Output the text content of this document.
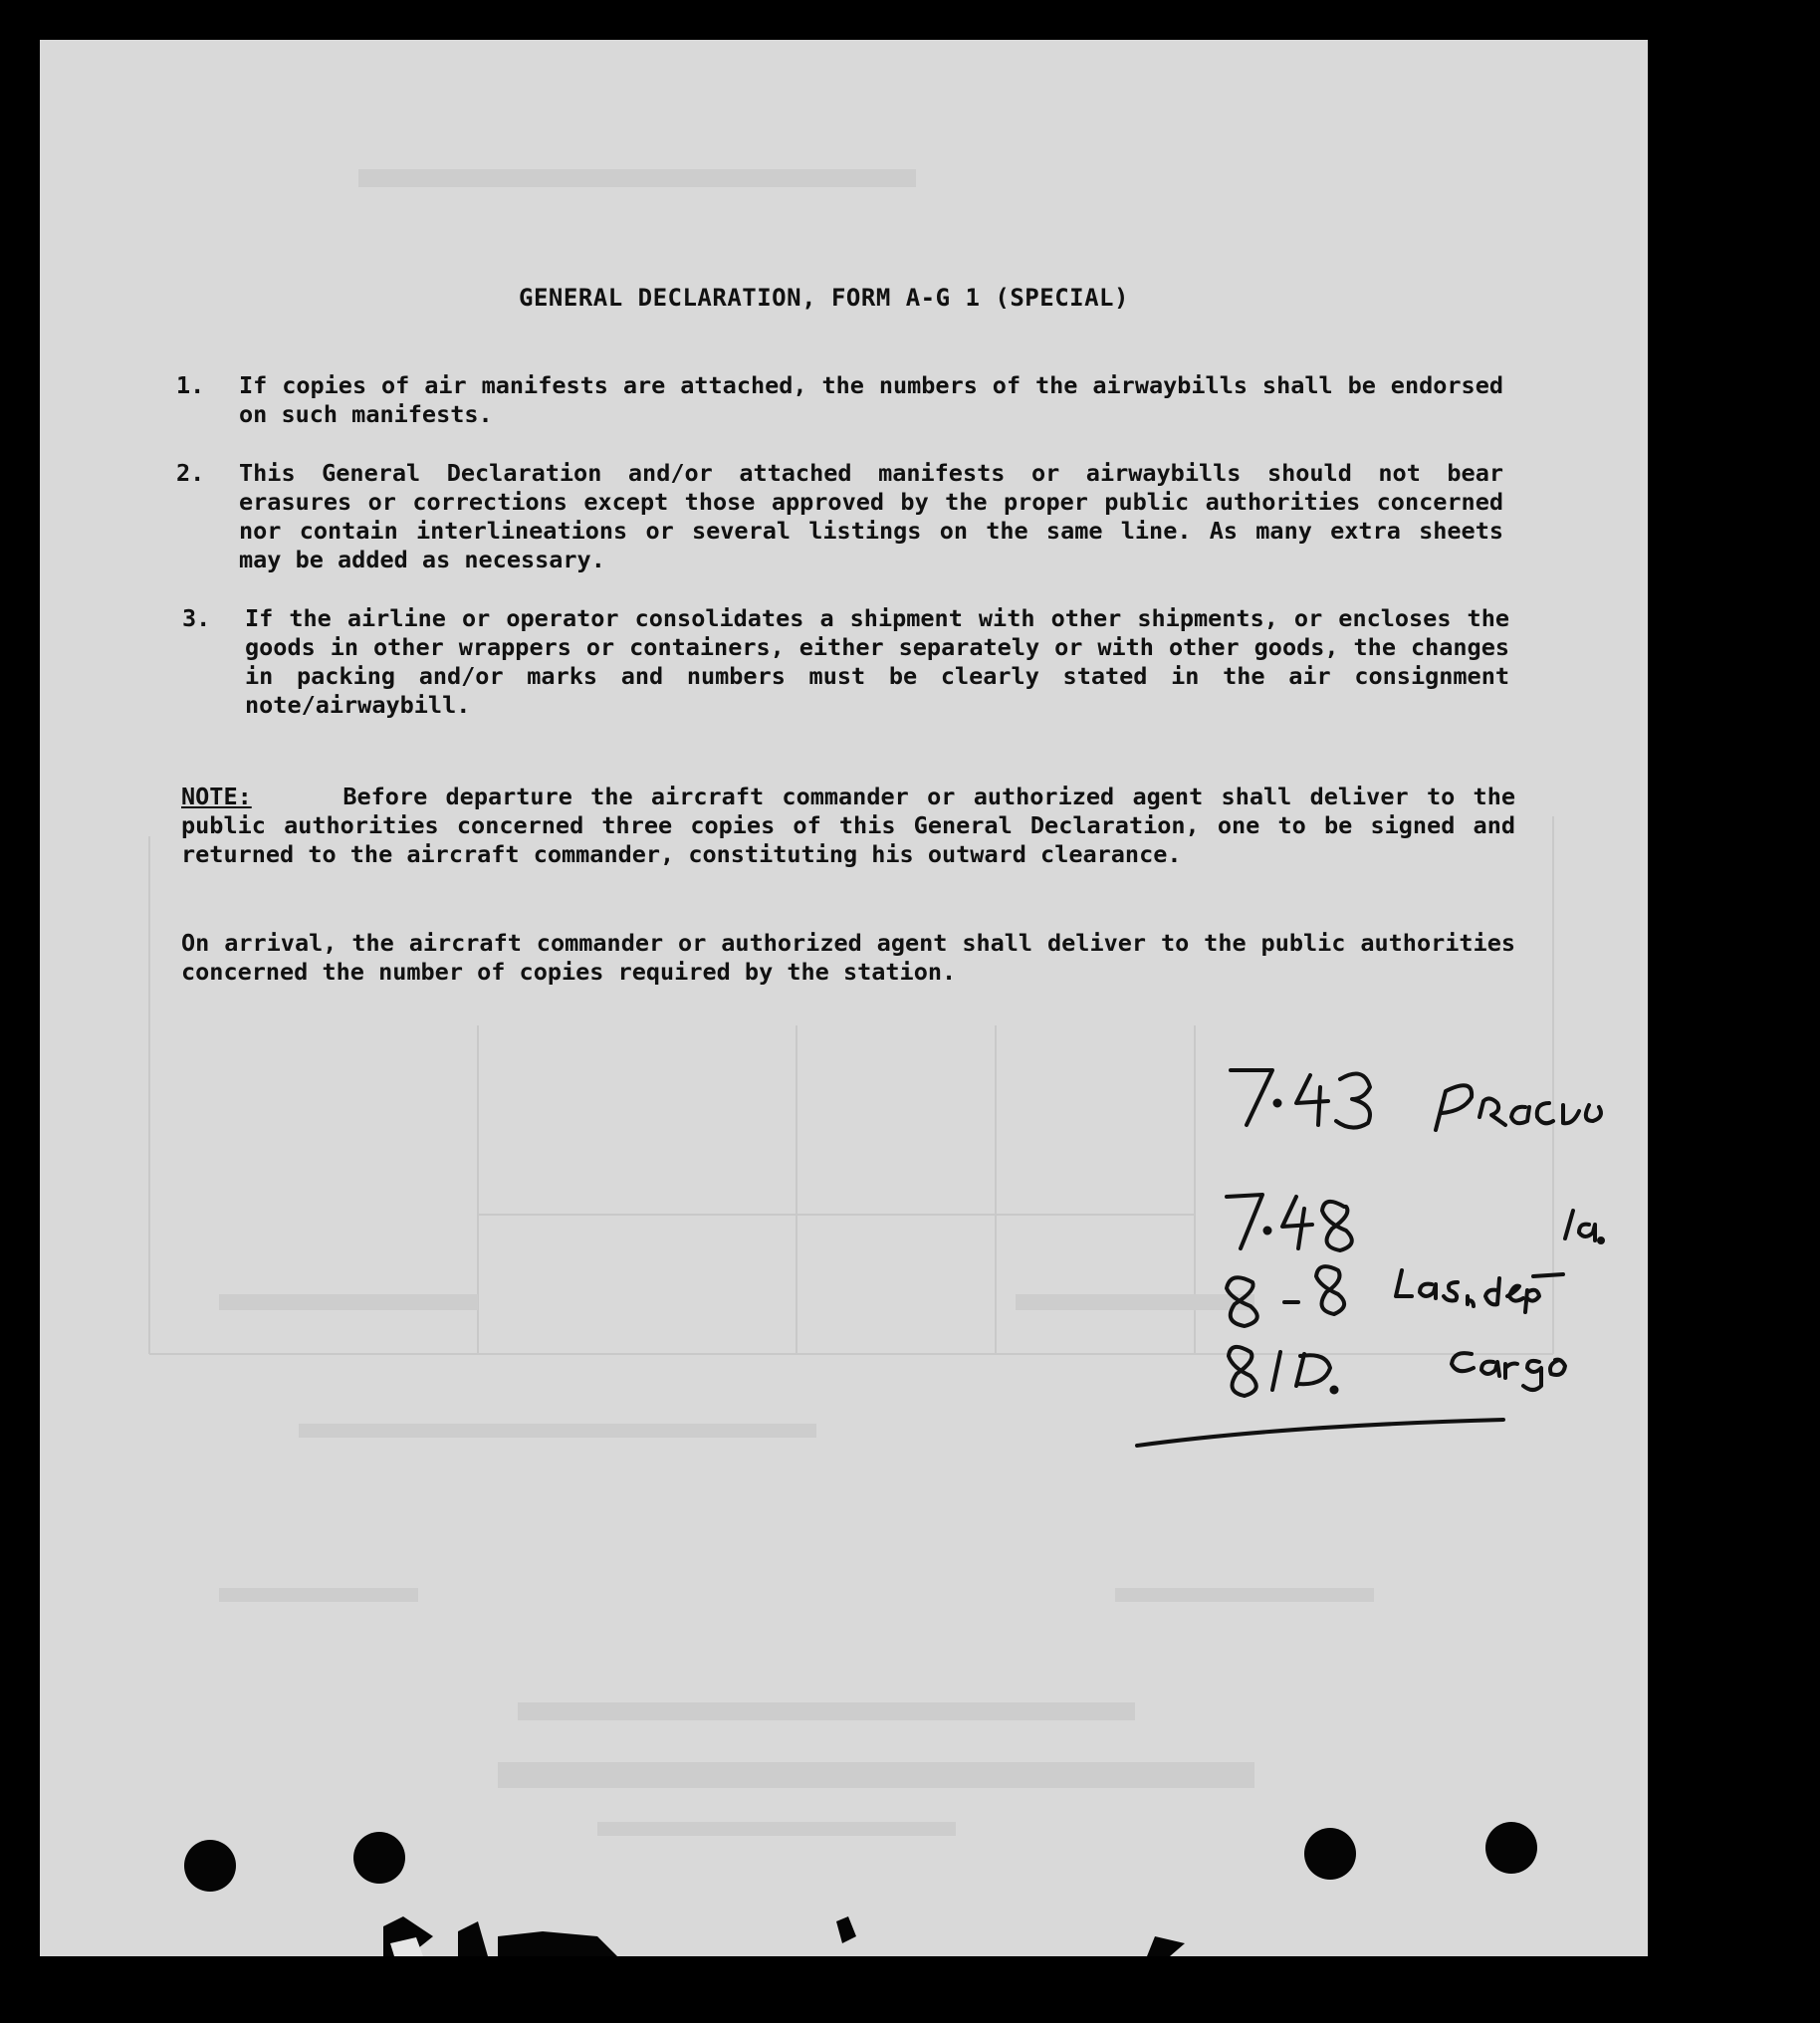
GENERAL DECLARATION, FORM A-G 1 (SPECIAL)

1. If copies of air manifests are attached, the numbers of the airwaybills shall be endorsed on such manifests.

2. This General Declaration and/or attached manifests or airwaybills should not bear erasures or corrections except those approved by the proper public authorities concerned nor contain interlineations or several listings on the same line. As many extra sheets may be added as necessary.

3. If the airline or operator consolidates a shipment with other shipments, or encloses the goods in other wrappers or containers, either separately or with other goods, the changes in packing and/or marks and numbers must be clearly stated in the air consignment note/airwaybill.

NOTE:	Before departure the aircraft commander or authorized agent shall deliver to the public authorities concerned three copies of this General Declaration, one to be signed and returned to the aircraft commander, constituting his outward clearance.

On arrival, the aircraft commander or authorized agent shall deliver to the public authorities concerned the number of copies required by the station.
